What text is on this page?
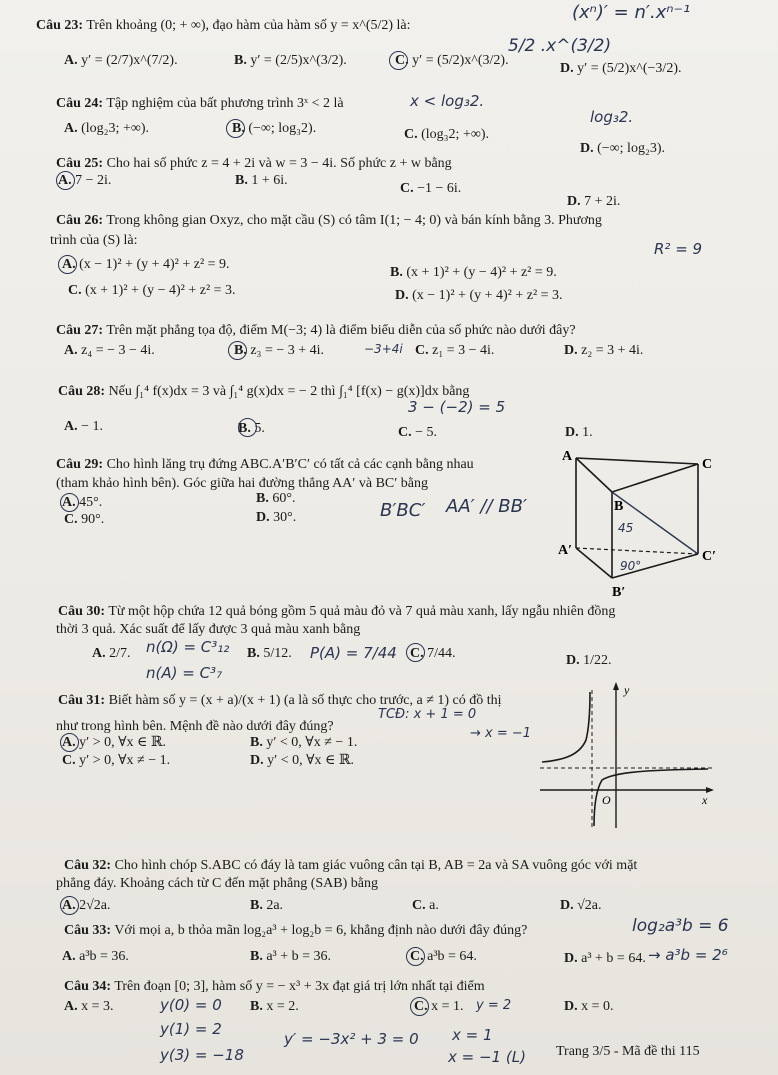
Câu 23: Trên khoảng (0; + ∞), đạo hàm của hàm số y = x^(5/2) là:
(xⁿ)′ = n′.xⁿ⁻¹
5/2 .x^(3/2)
A. y′ = (2/7)x^(7/2).	B. y′ = (2/5)x^(3/2).	C. y′ = (5/2)x^(3/2).
D. y′ = (5/2)x^(−3/2).
Câu 24: Tập nghiệm của bất phương trình 3ˣ < 2 là	x < log₃2.
log₃2.
A. (log₂3; +∞).	B. (−∞; log₃2).	C. (log₃2; +∞).
D. (−∞; log₂3).
Câu 25: Cho hai số phức z = 4 + 2i và w = 3 − 4i. Số phức z + w bằng
A. 7 − 2i.	B. 1 + 6i.
C. −1 − 6i.
D. 7 + 2i.
Câu 26: Trong không gian Oxyz, cho mặt cầu (S) có tâm I(1; − 4; 0) và bán kính bằng 3. Phương
trình của (S) là:	R² = 9
A. (x − 1)² + (y + 4)² + z² = 9.
B. (x + 1)² + (y − 4)² + z² = 9.
C. (x + 1)² + (y − 4)² + z² = 3.	D. (x − 1)² + (y + 4)² + z² = 3.
Câu 27: Trên mặt phẳng tọa độ, điểm M(−3; 4) là điểm biểu diễn của số phức nào dưới đây?
A. z₄ = − 3 − 4i.	B. z₃ = − 3 + 4i.	−3+4i C. z₁ = 3 − 4i.	D. z₂ = 3 + 4i.
Câu 28: Nếu ∫₁⁴ f(x)dx = 3 và ∫₁⁴ g(x)dx = − 2 thì ∫₁⁴ [f(x) − g(x)]dx bằng
3 − (−2) = 5
A. − 1.	B. 5.	C. − 5.	D. 1.
Câu 29: Cho hình lăng trụ đứng ABC.A′B′C′ có tất cả các cạnh bằng nhau
(tham khảo hình bên). Góc giữa hai đường thẳng AA′ và BC′ bằng
A. 45°.	B. 60°.
C. 90°.	D. 30°.	B′BC′ AA′ // BB′
A
C
B
A′	C′
B′
45
90°
Câu 30: Từ một hộp chứa 12 quả bóng gồm 5 quả màu đỏ và 7 quả màu xanh, lấy ngẫu nhiên đồng
thời 3 quả. Xác suất để lấy được 3 quả màu xanh bằng
A. 2/7. n(Ω) = C³₁₂
n(A) = C³₇
B. 5/12. P(A) = 7/44 C. 7/44.	D. 1/22.
Câu 31: Biết hàm số y = (x + a)/(x + 1) (a là số thực cho trước, a ≠ 1) có đồ thị
như trong hình bên. Mệnh đề nào dưới đây đúng?
TCĐ: x + 1 = 0
→ x = −1
A. y′ > 0, ∀x ∈ ℝ.	B. y′ < 0, ∀x ≠ − 1.
C. y′ > 0, ∀x ≠ − 1.	D. y′ < 0, ∀x ∈ ℝ.
y
O	x
Câu 32: Cho hình chóp S.ABC có đáy là tam giác vuông cân tại B, AB = 2a và SA vuông góc với mặt
phẳng đáy. Khoảng cách từ C đến mặt phẳng (SAB) bằng
A. 2√2a.	B. 2a.	C. a.	D. √2a.
Câu 33: Với mọi a, b thỏa mãn log₂a³ + log₂b = 6, khẳng định nào dưới đây đúng?	log₂a³b = 6
→ a³b = 2⁶
A. a³b = 36.	B. a³ + b = 36.	C. a³b = 64.	D. a³ + b = 64.
Câu 34: Trên đoạn [0; 3], hàm số y = − x³ + 3x đạt giá trị lớn nhất tại điểm
A. x = 3.	B. x = 2.	C. x = 1. y = 2	D. x = 0.
y(0) = 0
y(1) = 2
y(3) = −18
y′ = −3x² + 3 = 0 x = 1
x = −1 (L) Trang 3/5 - Mã đề thi 115
